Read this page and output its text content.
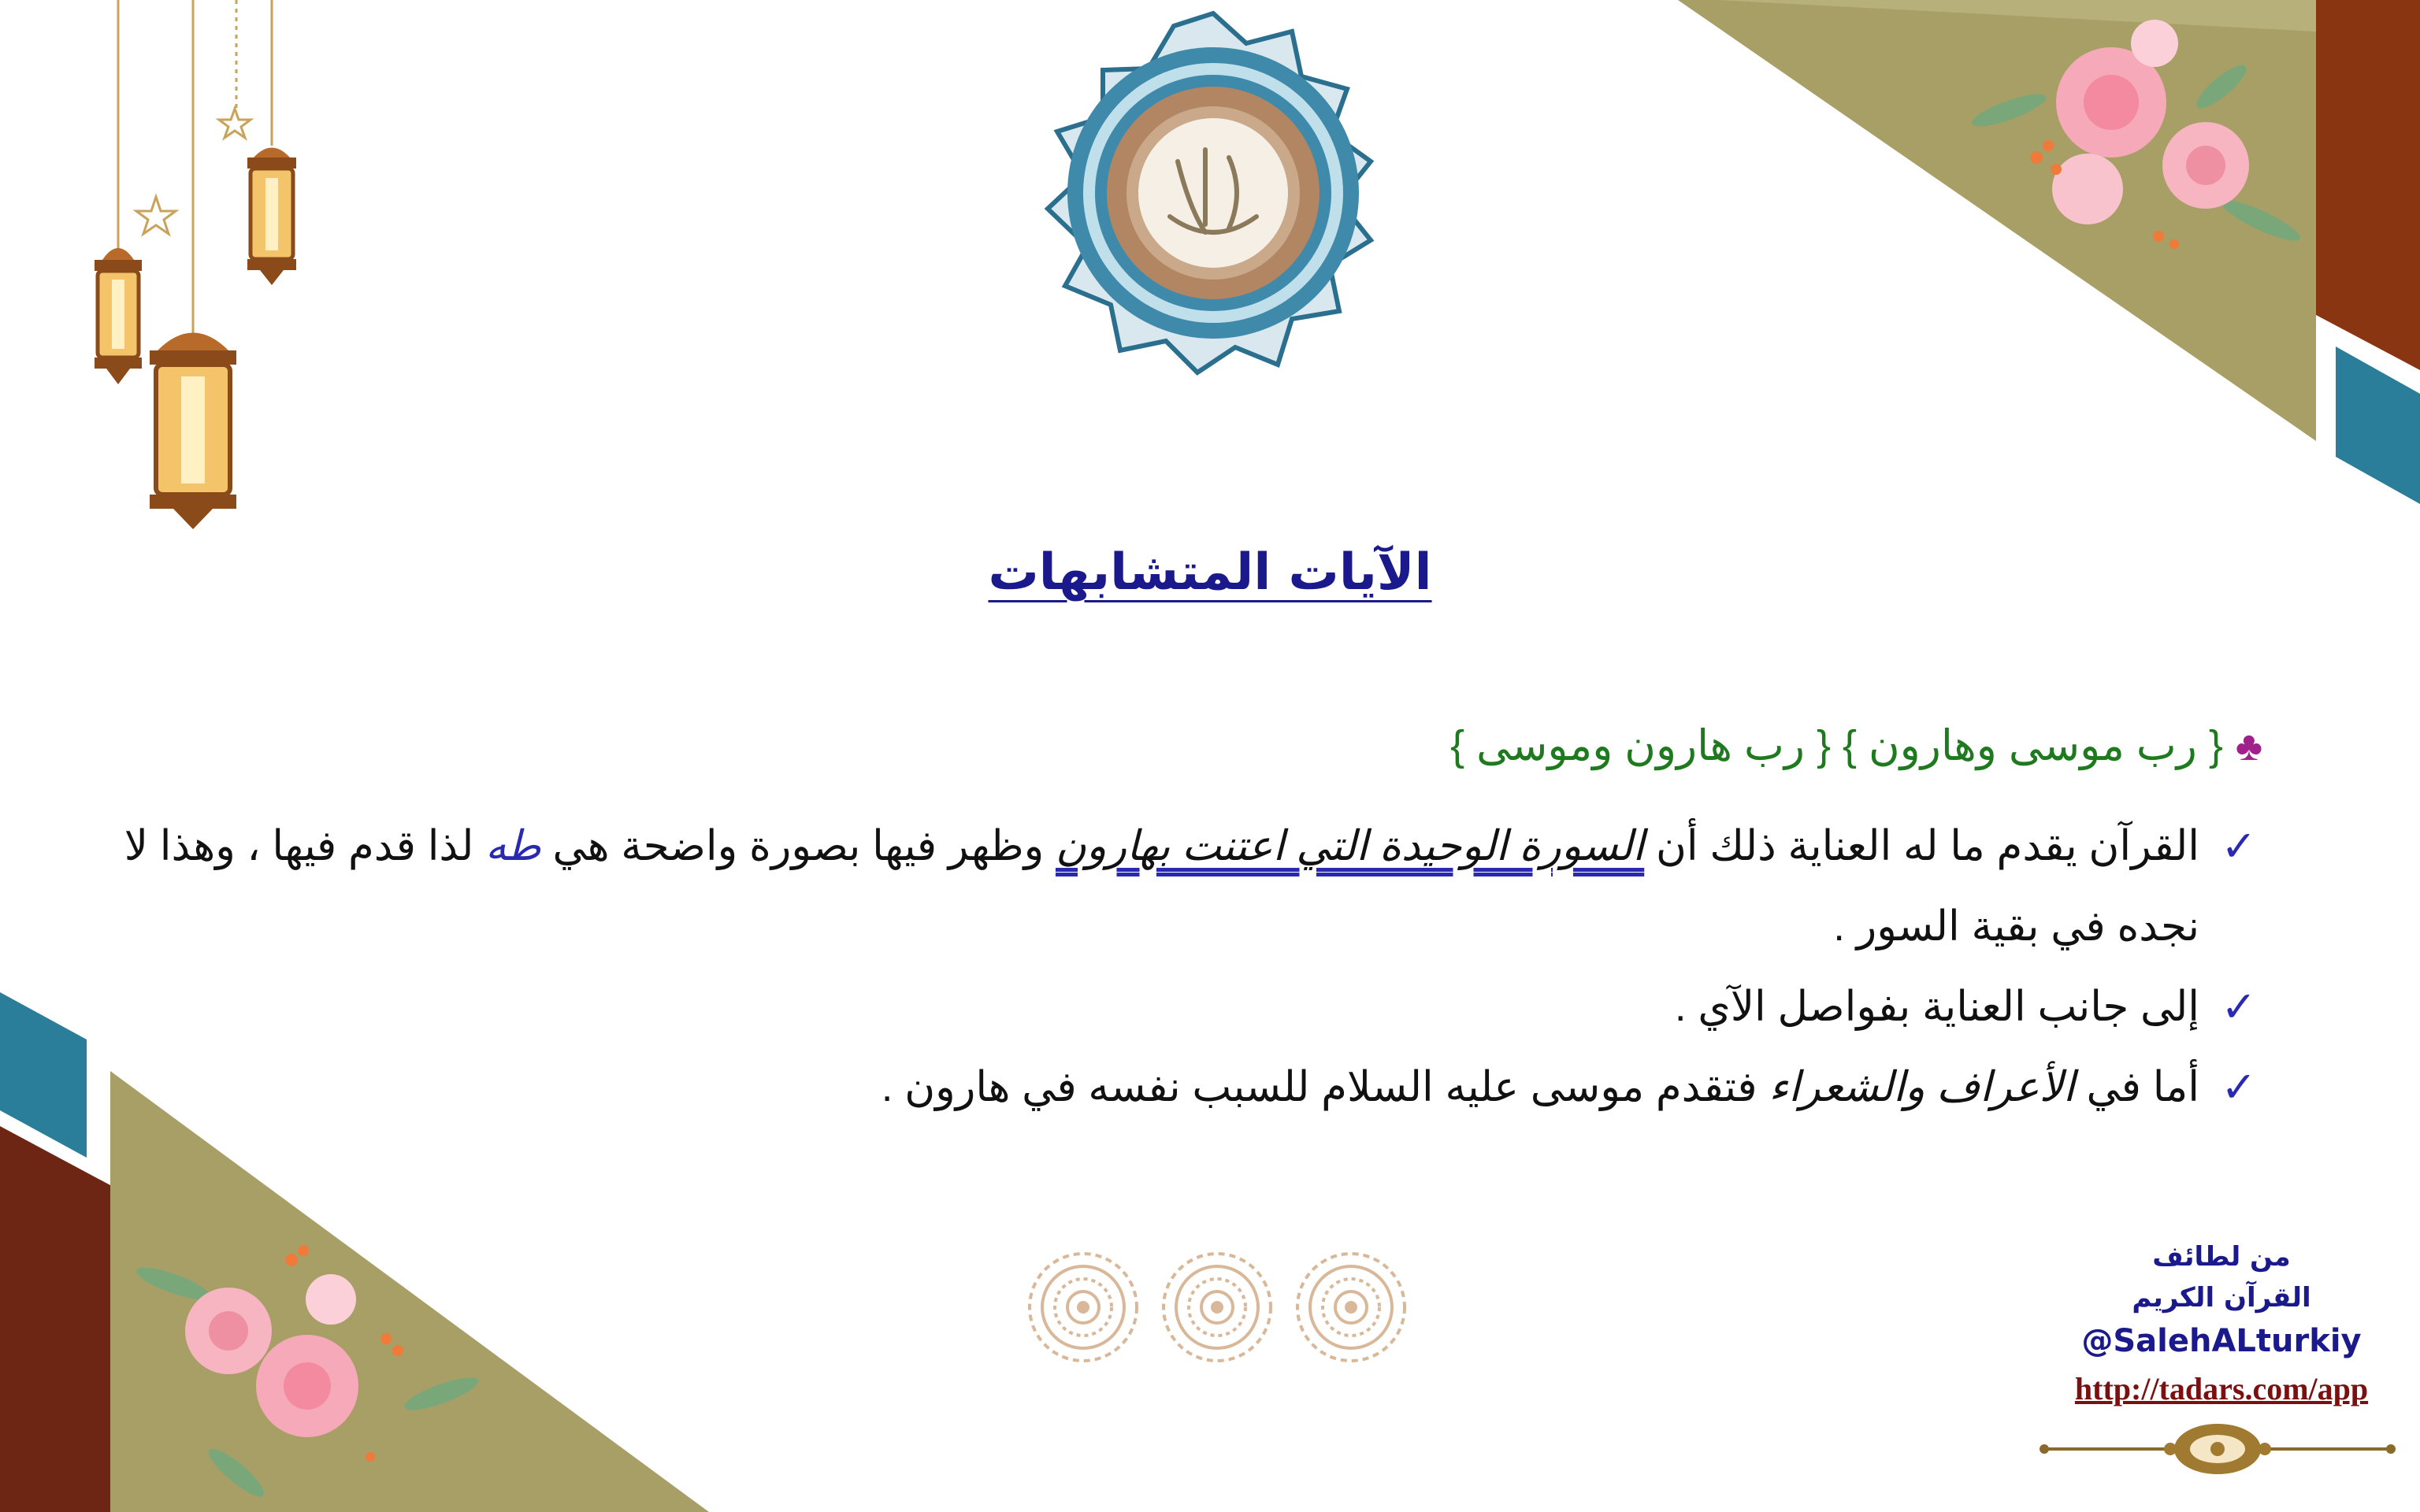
الآيات المتشابهات
♣{ رب موسى وهارون } { رب هارون وموسى }
✓
القرآن يقدم ما له العناية ذلك أن السورة الوحيدة التي اعتنت بهارون وظهر فيها بصورة واضحة هي طه لذا قدم فيها ، وهذا لا نجده في بقية السور .
✓
إلى جانب العناية بفواصل الآي .
✓
أما في الأعراف والشعراء فتقدم موسى عليه السلام للسبب نفسه في هارون .
من لطائف
القرآن الكريم
@SalehALturkiy
http://tadars.com/app
